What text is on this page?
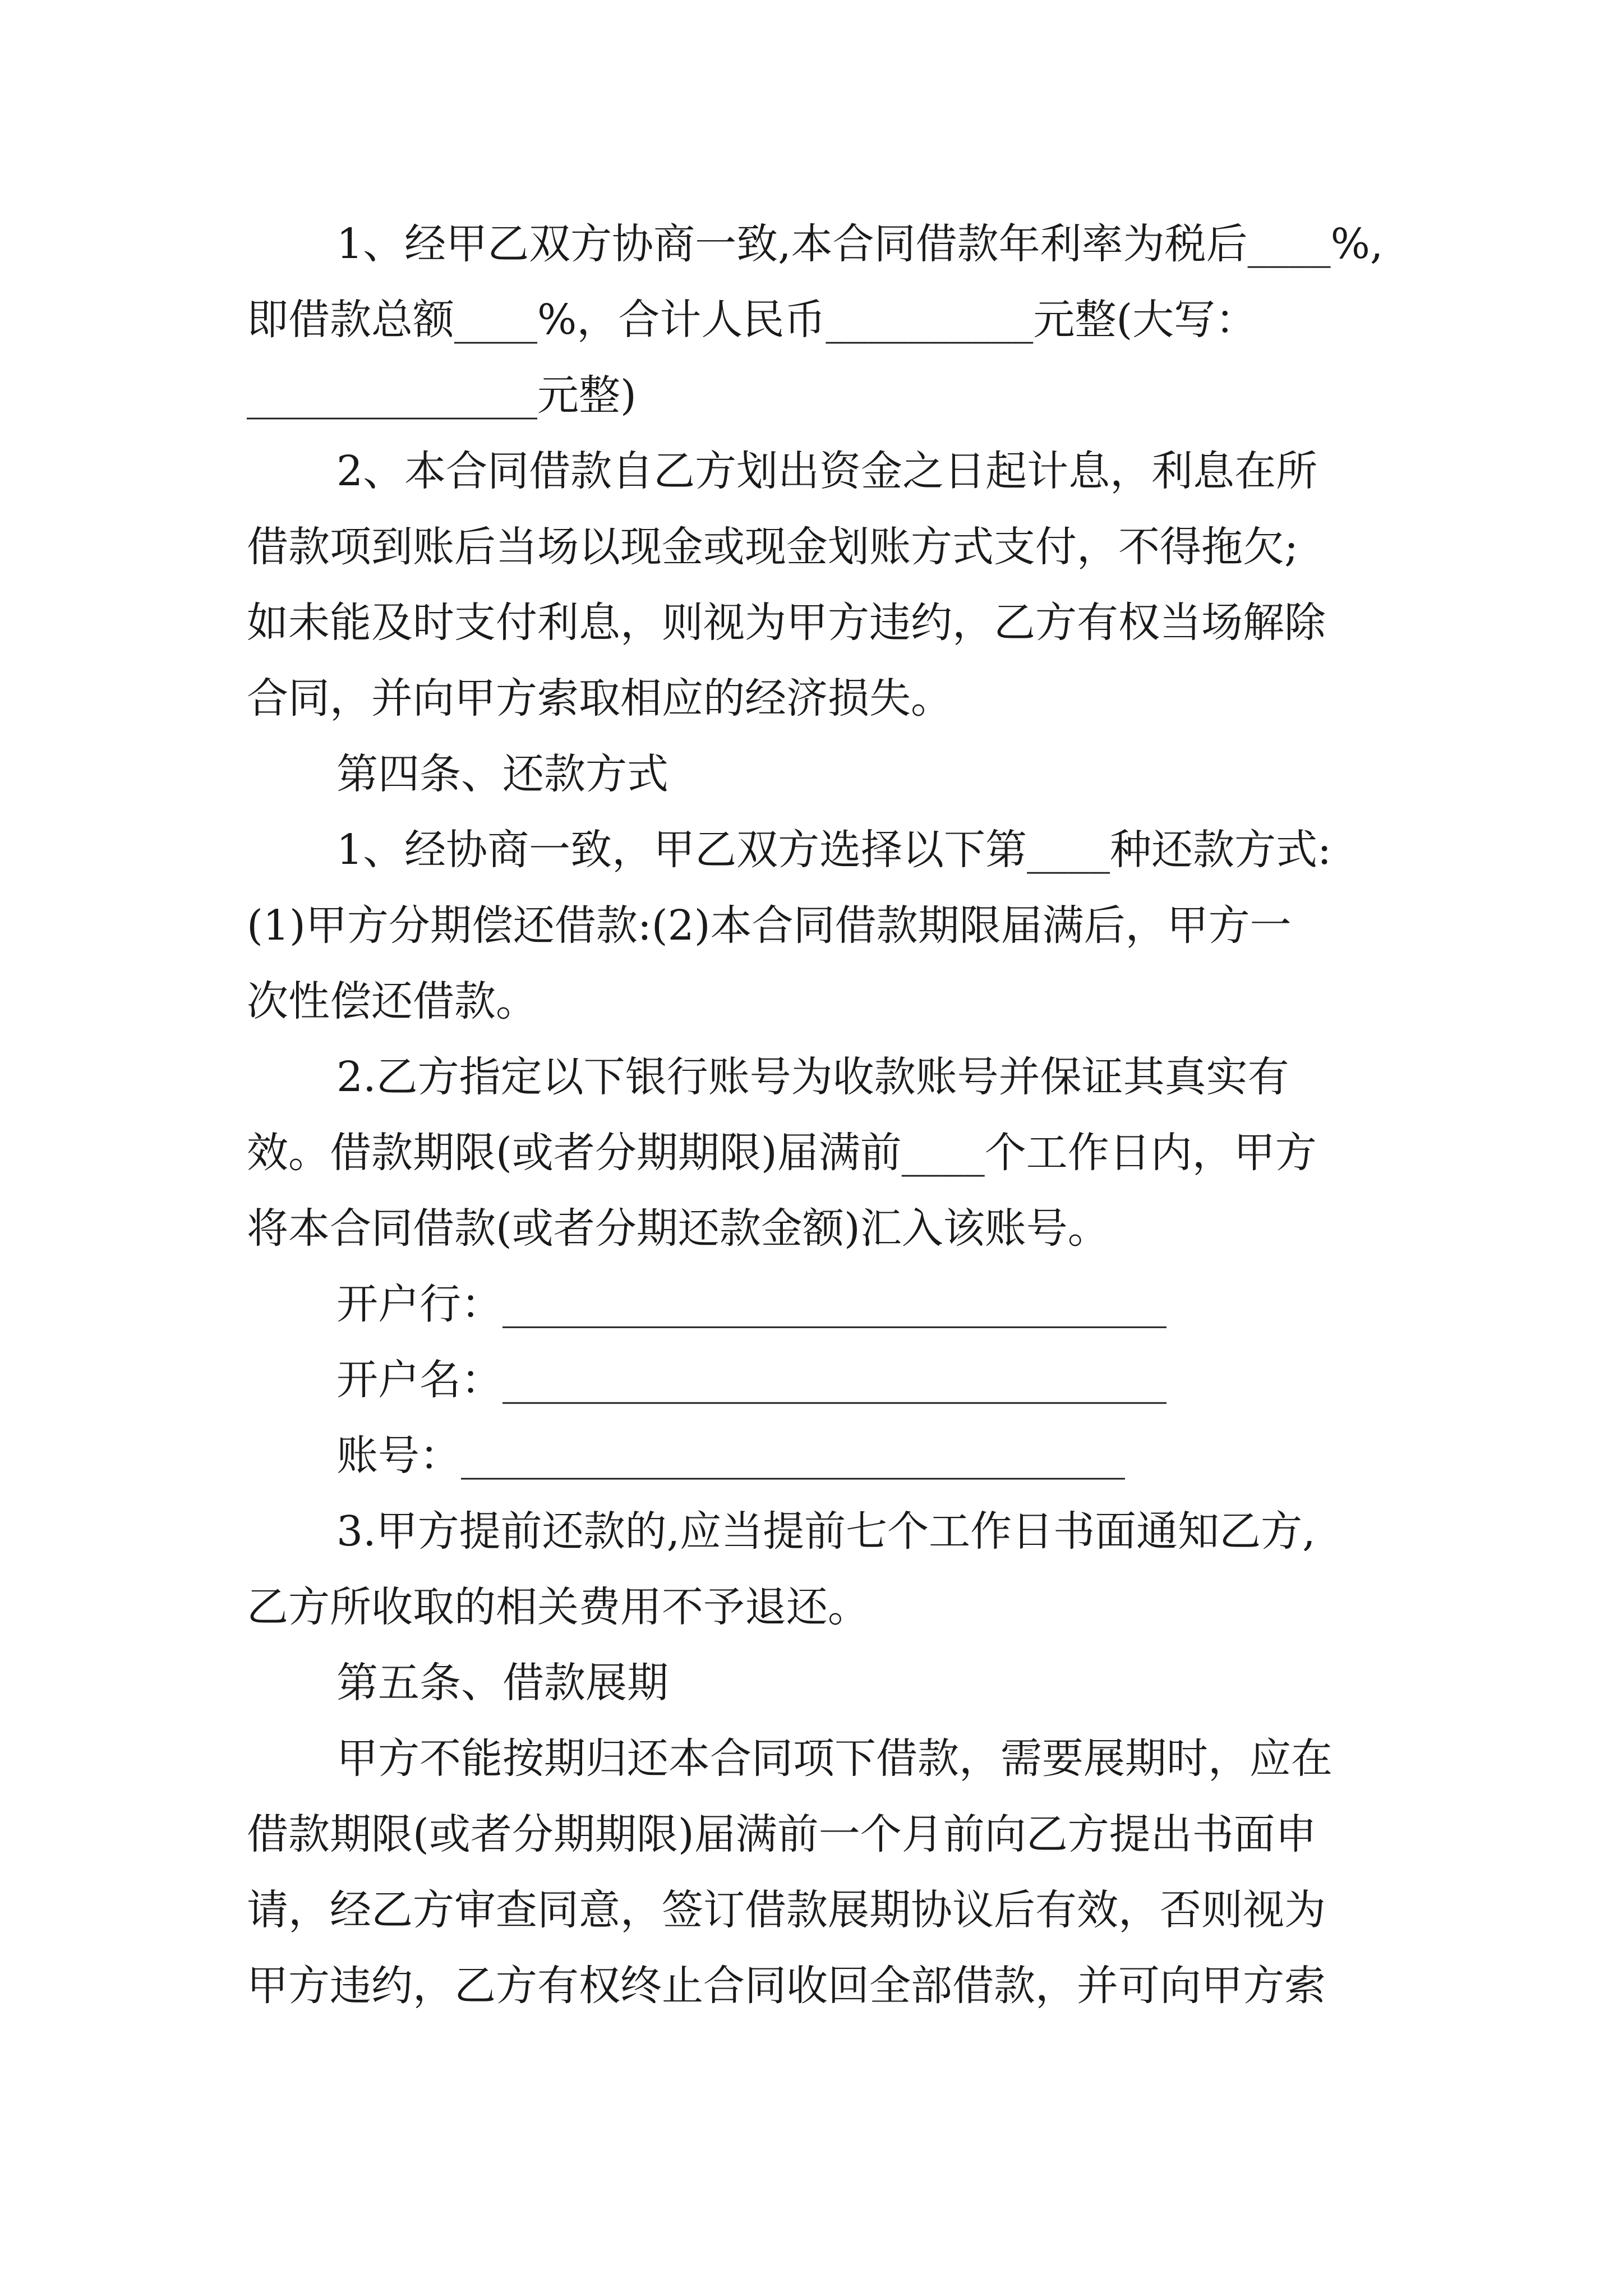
1、经甲乙双方协商一致,本合同借款年利率为税后____%,
即借款总额____%，合计人民币__________元整(大写：
______________元整)
2、本合同借款自乙方划出资金之日起计息，利息在所
借款项到账后当场以现金或现金划账方式支付，不得拖欠;
如未能及时支付利息，则视为甲方违约，乙方有权当场解除
合同，并向甲方索取相应的经济损失。
第四条、还款方式
1、经协商一致，甲乙双方选择以下第____种还款方式:
(1)甲方分期偿还借款:(2)本合同借款期限届满后，甲方一
次性偿还借款。
2.乙方指定以下银行账号为收款账号并保证其真实有
效。借款期限(或者分期期限)届满前____个工作日内，甲方
将本合同借款(或者分期还款金额)汇入该账号。
开户行：________________________________
开户名：________________________________
账号：________________________________
3.甲方提前还款的,应当提前七个工作日书面通知乙方,
乙方所收取的相关费用不予退还。
第五条、借款展期
甲方不能按期归还本合同项下借款，需要展期时，应在
借款期限(或者分期期限)届满前一个月前向乙方提出书面申
请，经乙方审查同意，签订借款展期协议后有效，否则视为
甲方违约，乙方有权终止合同收回全部借款，并可向甲方索
